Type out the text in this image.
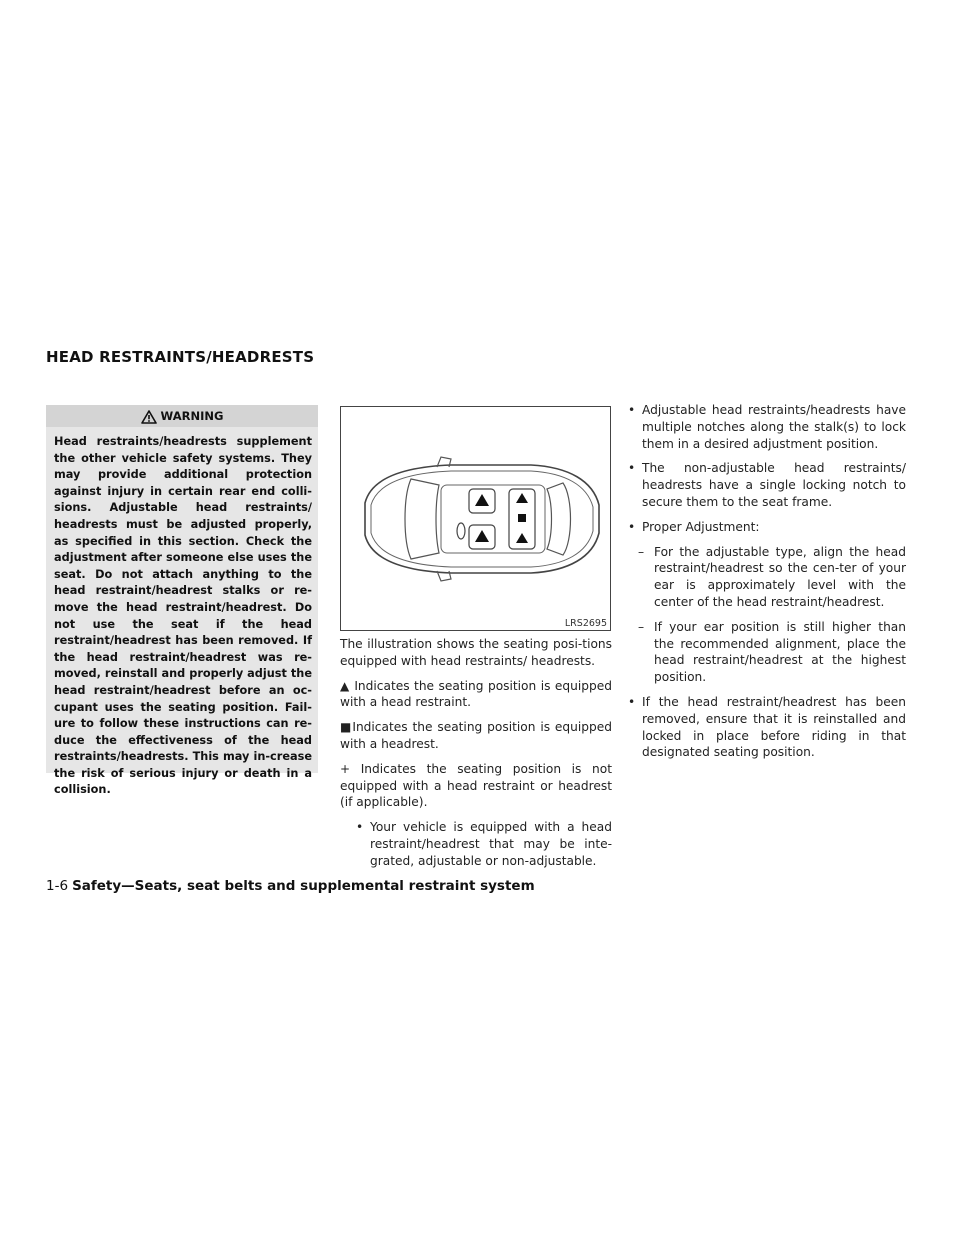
HEAD RESTRAINTS/HEADRESTS
WARNING

Head restraints/headrests supplement the other vehicle safety systems. They may provide additional protection against injury in certain rear end colli-sions. Adjustable head restraints/ headrests must be adjusted properly, as specified in this section. Check the adjustment after someone else uses the seat. Do not attach anything to the head restraint/headrest stalks or re-move the head restraint/headrest. Do not use the seat if the head restraint/headrest has been removed. If the head restraint/headrest was re-moved, reinstall and properly adjust the head restraint/headrest before an oc-cupant uses the seating position. Fail-ure to follow these instructions can re-duce the effectiveness of the head restraints/headrests. This may in-crease the risk of serious injury or death in a collision.

LRS2695

The illustration shows the seating posi-tions equipped with head restraints/ headrests.

▲ Indicates the seating position is equipped with a head restraint.

■Indicates the seating position is equipped with a headrest.

+ Indicates the seating position is not equipped with a head restraint or headrest (if applicable).

• Your vehicle is equipped with a head restraint/headrest that may be inte-grated, adjustable or non-adjustable.
• Adjustable head restraints/headrests have multiple notches along the stalk(s) to lock them in a desired adjustment position.
• The non-adjustable head restraints/ headrests have a single locking notch to secure them to the seat frame.
• Proper Adjustment:
– For the adjustable type, align the head restraint/headrest so the cen-ter of your ear is approximately level with the center of the head restraint/headrest.
– If your ear position is still higher than the recommended alignment, place the head restraint/headrest at the highest position.
• If the head restraint/headrest has been removed, ensure that it is reinstalled and locked in place before riding in that designated seating position.
1-6 Safety—Seats, seat belts and supplemental restraint system
